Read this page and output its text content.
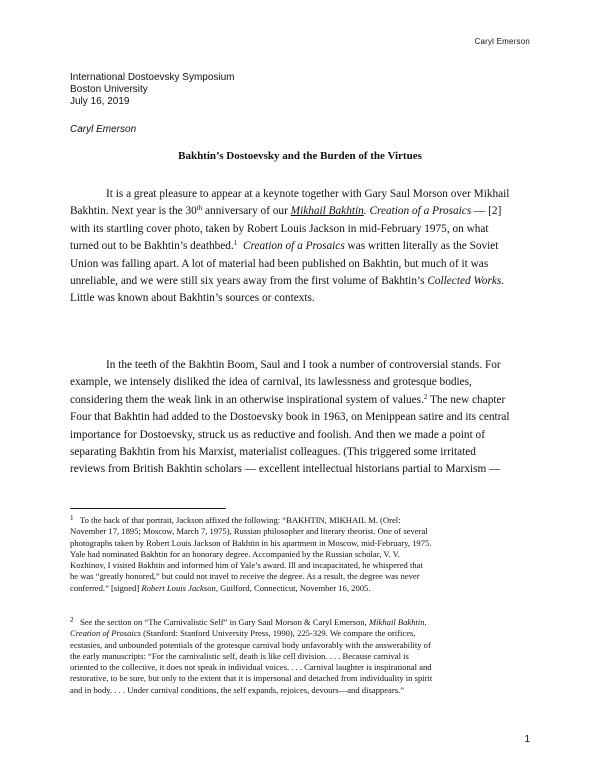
Caryl Emerson
International Dostoevsky Symposium
Boston University
July 16, 2019
Caryl Emerson
Bakhtin’s Dostoevsky and the Burden of the Virtues
It is a great pleasure to appear at a keynote together with Gary Saul Morson over Mikhail
Bakhtin. Next year is the 30th anniversary of our Mikhail Bakhtin. Creation of a Prosaics — [2]
with its startling cover photo, taken by Robert Louis Jackson in mid-February 1975, on what
turned out to be Bakhtin’s deathbed.$^1$ Creation of a Prosaics was written literally as the Soviet
Union was falling apart. A lot of material had been published on Bakhtin, but much of it was
unreliable, and we were still six years away from the first volume of Bakhtin’s Collected Works.
Little was known about Bakhtin’s sources or contexts.
In the teeth of the Bakhtin Boom, Saul and I took a number of controversial stands. For
example, we intensely disliked the idea of carnival, its lawlessness and grotesque bodies,
considering them the weak link in an otherwise inspirational system of values.$^2$ The new chapter
Four that Bakhtin had added to the Dostoevsky book in 1963, on Menippean satire and its central
importance for Dostoevsky, struck us as reductive and foolish. And then we made a point of
separating Bakhtin from his Marxist, materialist colleagues. (This triggered some irritated
reviews from British Bakhtin scholars — excellent intellectual historians partial to Marxism —
$^1$ To the back of that portrait, Jackson affixed the following: “BAKHTIN, MIKHAIL M. (Orel:
November 17, 1895; Moscow, March 7, 1975), Russian philosopher and literary theorist. One of several
photographs taken by Robert Louis Jackson of Bakhtin in his apartment in Moscow, mid-February, 1975.
Yale had nominated Bakhtin for an honorary degree. Accompanied by the Russian scholar, V. V.
Kozhinov, I visited Bakhtin and informed him of Yale’s award. Ill and incapacitated, he whispered that
he was “greatly honored,” but could not travel to receive the degree. As a result, the degree was never
conferred.” [signed] Robert Louis Jackson, Guilford, Connecticut, November 16, 2005.
$^2$ See the section on “The Carnivalistic Self” in Gary Saul Morson & Caryl Emerson, Mikhail Bakhtin.
Creation of Prosaics (Stanford: Stanford University Press, 1990), 225-329. We compare the orifices,
ecstasies, and unbounded potentials of the grotesque carnival body unfavorably with the answerability of
the early manuscripts: “For the carnivalistic self, death is like cell division. . . . Because carnival is
oriented to the collective, it does not speak in individual voices. . . . Carnival laughter is inspirational and
restorative, to be sure, but only to the extent that it is impersonal and detached from individuality in spirit
and in body. . . . Under carnival conditions, the self expands, rejoices, devours—and disappears.”
1
